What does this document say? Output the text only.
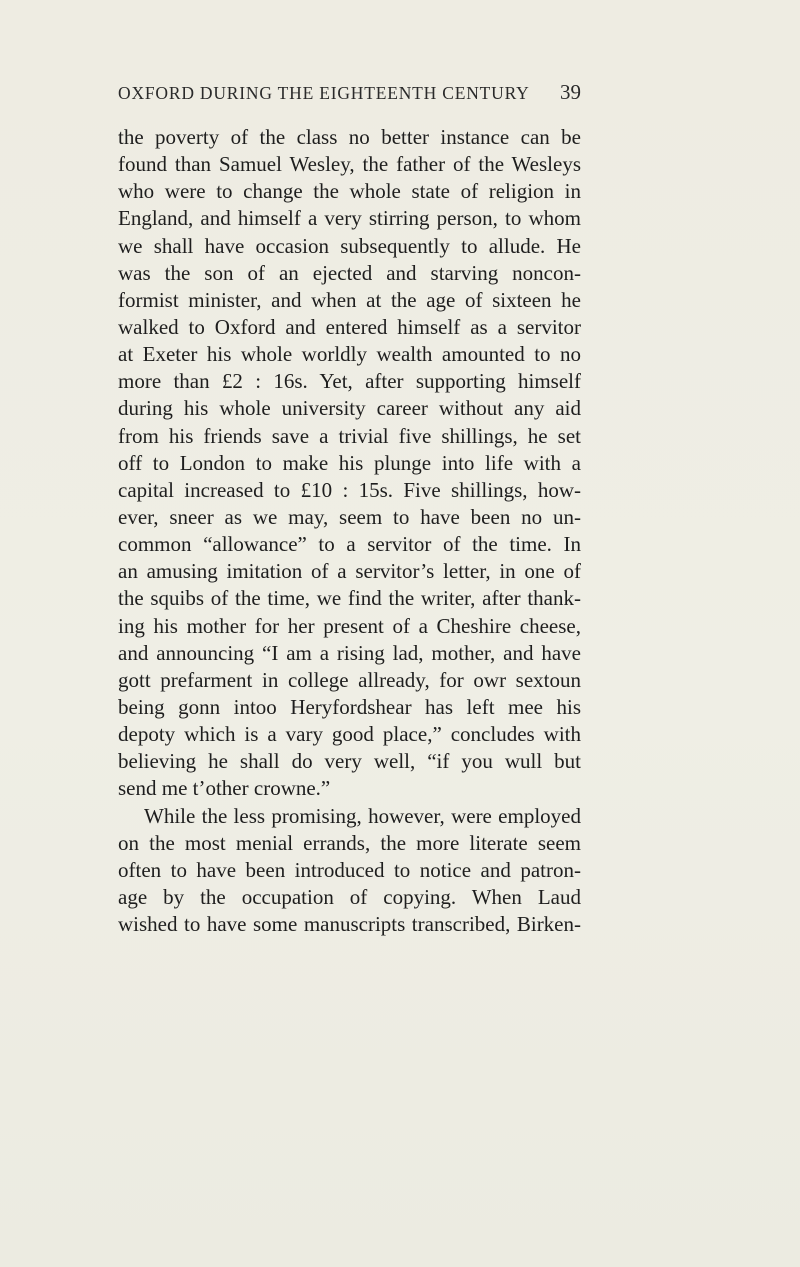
OXFORD DURING THE EIGHTEENTH CENTURY 39
the poverty of the class no better instance can be
found than Samuel Wesley, the father of the Wesleys
who were to change the whole state of religion in
England, and himself a very stirring person, to whom
we shall have occasion subsequently to allude. He
was the son of an ejected and starving noncon-
formist minister, and when at the age of sixteen he
walked to Oxford and entered himself as a servitor
at Exeter his whole worldly wealth amounted to no
more than £2 : 16s. Yet, after supporting himself
during his whole university career without any aid
from his friends save a trivial five shillings, he set
off to London to make his plunge into life with a
capital increased to £10 : 15s. Five shillings, how-
ever, sneer as we may, seem to have been no un-
common “allowance” to a servitor of the time. In
an amusing imitation of a servitor’s letter, in one of
the squibs of the time, we find the writer, after thank-
ing his mother for her present of a Cheshire cheese,
and announcing “I am a rising lad, mother, and have
gott prefarment in college allready, for owr sextoun
being gonn intoo Heryfordshear has left mee his
depoty which is a vary good place,” concludes with
believing he shall do very well, “if you wull but
send me t’other crowne.”
While the less promising, however, were employed
on the most menial errands, the more literate seem
often to have been introduced to notice and patron-
age by the occupation of copying. When Laud
wished to have some manuscripts transcribed, Birken-
